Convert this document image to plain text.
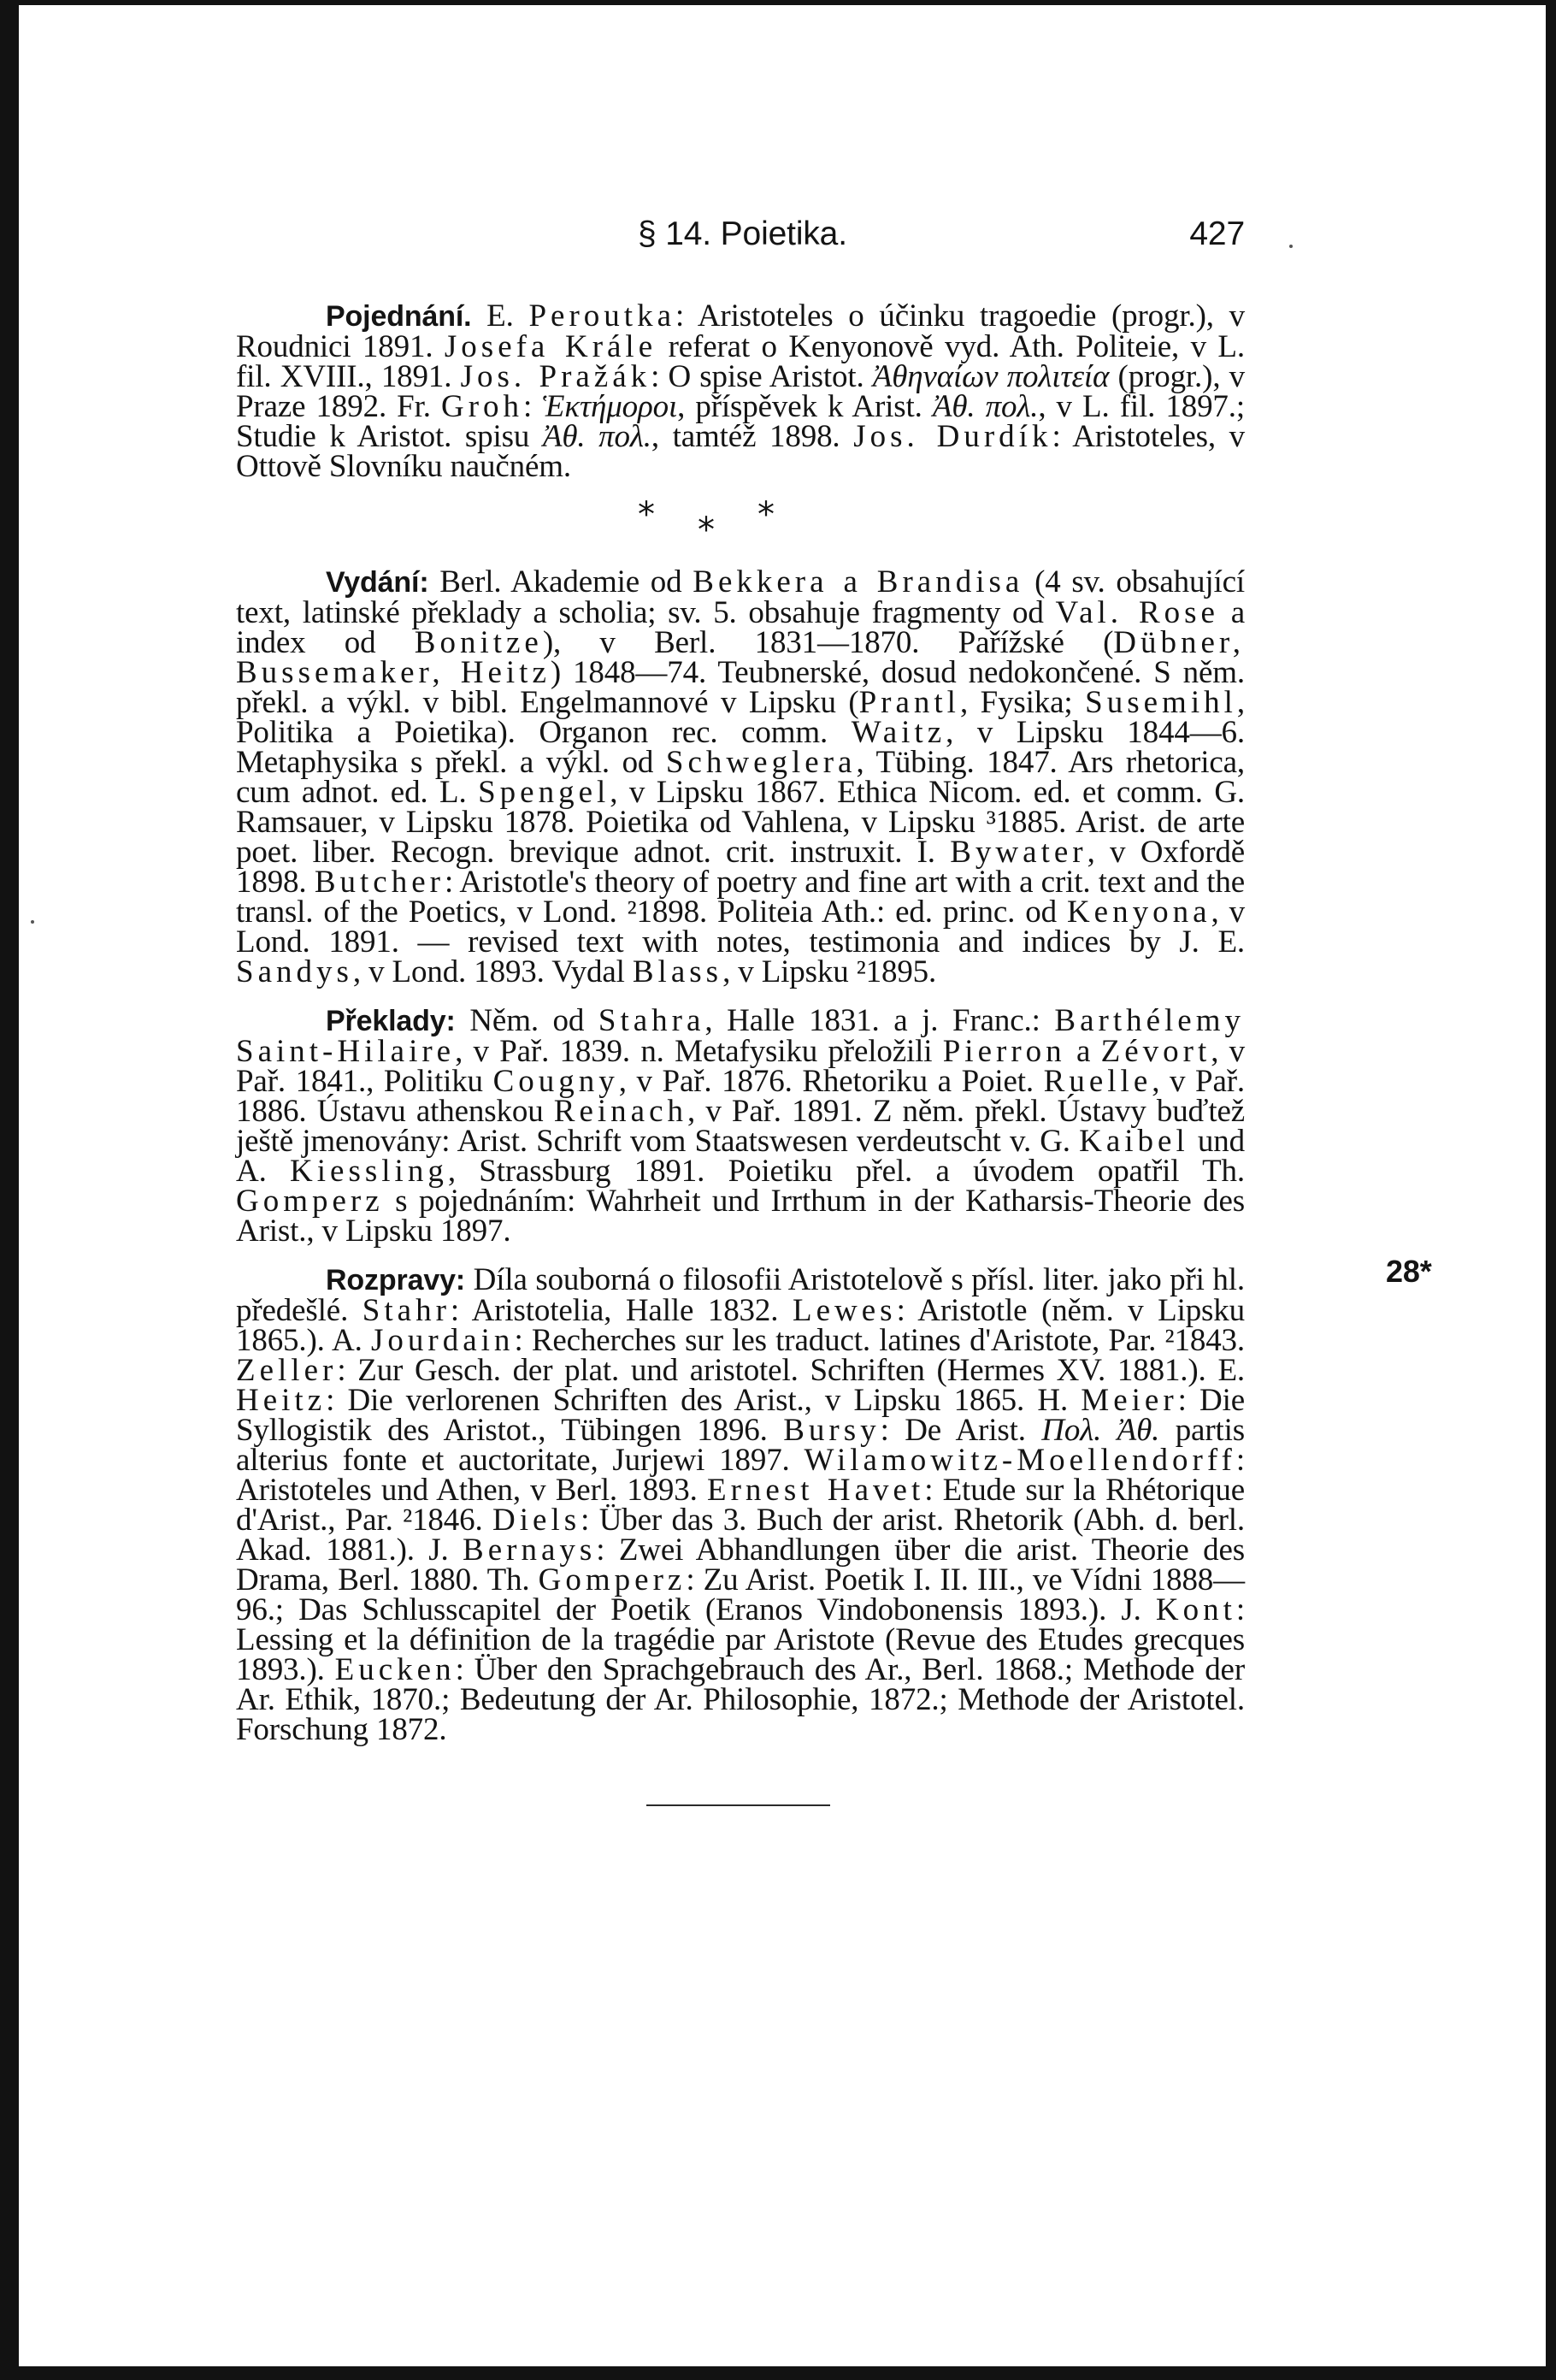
§ 14. Poietika.	427

Pojednání. E. Peroutka: Aristoteles o účinku tragoedie (progr.), v Roudnici 1891. Josefa Krále referat o Kenyonově vyd. Ath. Politeie, v L. fil. XVIII., 1891. Jos. Pražák: O spise Aristot. Ἀθηναίων πολιτεία (progr.), v Praze 1892. Fr. Groh: Ἑκτήμοροι, příspěvek k Arist. Ἀθ. πολ., v L. fil. 1897.; Studie k Aristot. spisu Ἀθ. πολ., tamtéž 1898. Jos. Durdík: Aristoteles, v Ottově Slovníku naučném.

* * *

Vydání: Berl. Akademie od Bekkera a Brandisa (4 sv. obsahující text, latinské překlady a scholia; sv. 5. obsahuje fragmenty od Val. Rose a index od Bonitze), v Berl. 1831—1870. Pařížské (Dübner, Bussemaker, Heitz) 1848—74. Teubnerské, dosud nedokončené. S něm. překl. a výkl. v bibl. Engelmannové v Lipsku (Prantl, Fysika; Susemihl, Politika a Poietika). Organon rec. comm. Waitz, v Lipsku 1844—6. Metaphysika s překl. a výkl. od Schweglera, Tübing. 1847. Ars rhetorica, cum adnot. ed. L. Spengel, v Lipsku 1867. Ethica Nicom. ed. et comm. G. Ramsauer, v Lipsku 1878. Poietika od Vahlena, v Lipsku ³1885. Arist. de arte poet. liber. Recogn. brevique adnot. crit. instruxit. I. Bywater, v Oxfordě 1898. Butcher: Aristotle's theory of poetry and fine art with a crit. text and the transl. of the Poetics, v Lond. ²1898. Politeia Ath.: ed. princ. od Kenyona, v Lond. 1891. — revised text with notes, testimonia and indices by J. E. Sandys, v Lond. 1893. Vydal Blass, v Lipsku ²1895.

Překlady: Něm. od Stahra, Halle 1831. a j. Franc.: Barthélemy Saint-Hilaire, v Pař. 1839. n. Metafysiku přeložili Pierron a Zévort, v Pař. 1841., Politiku Cougny, v Pař. 1876. Rhetoriku a Poiet. Ruelle, v Pař. 1886. Ústavu athenskou Reinach, v Pař. 1891. Z něm. překl. Ústavy buďtež ještě jmenovány: Arist. Schrift vom Staatswesen verdeutscht v. G. Kaibel und A. Kiessling, Strassburg 1891. Poietiku přel. a úvodem opatřil Th. Gomperz s pojednáním: Wahrheit und Irrthum in der Katharsis-Theorie des Arist., v Lipsku 1897.

Rozpravy: Díla souborná o filosofii Aristotelově s přísl. liter. jako při hl. předešlé. Stahr: Aristotelia, Halle 1832. Lewes: Aristotle (něm. v Lipsku 1865.). A. Jourdain: Recherches sur les traduct. latines d'Aristote, Par. ²1843. Zeller: Zur Gesch. der plat. und aristotel. Schriften (Hermes XV. 1881.). E. Heitz: Die verlorenen Schriften des Arist., v Lipsku 1865. H. Meier: Die Syllogistik des Aristot., Tübingen 1896. Bursy: De Arist. Πολ. Ἀθ. partis alterius fonte et auctoritate, Jurjewi 1897. Wilamowitz-Moellendorff: Aristoteles und Athen, v Berl. 1893. Ernest Havet: Etude sur la Rhétorique d'Arist., Par. ²1846. Diels: Über das 3. Buch der arist. Rhetorik (Abh. d. berl. Akad. 1881.). J. Bernays: Zwei Abhandlungen über die arist. Theorie des Drama, Berl. 1880. Th. Gomperz: Zu Arist. Poetik I. II. III., ve Vídni 1888—96.; Das Schlusscapitel der Poetik (Eranos Vindobonensis 1893.). J. Kont: Lessing et la définition de la tragédie par Aristote (Revue des Etudes grecques 1893.). Eucken: Über den Sprachgebrauch des Ar., Berl. 1868.; Methode der Ar. Ethik, 1870.; Bedeutung der Ar. Philosophie, 1872.; Methode der Aristotel. Forschung 1872.

28*
